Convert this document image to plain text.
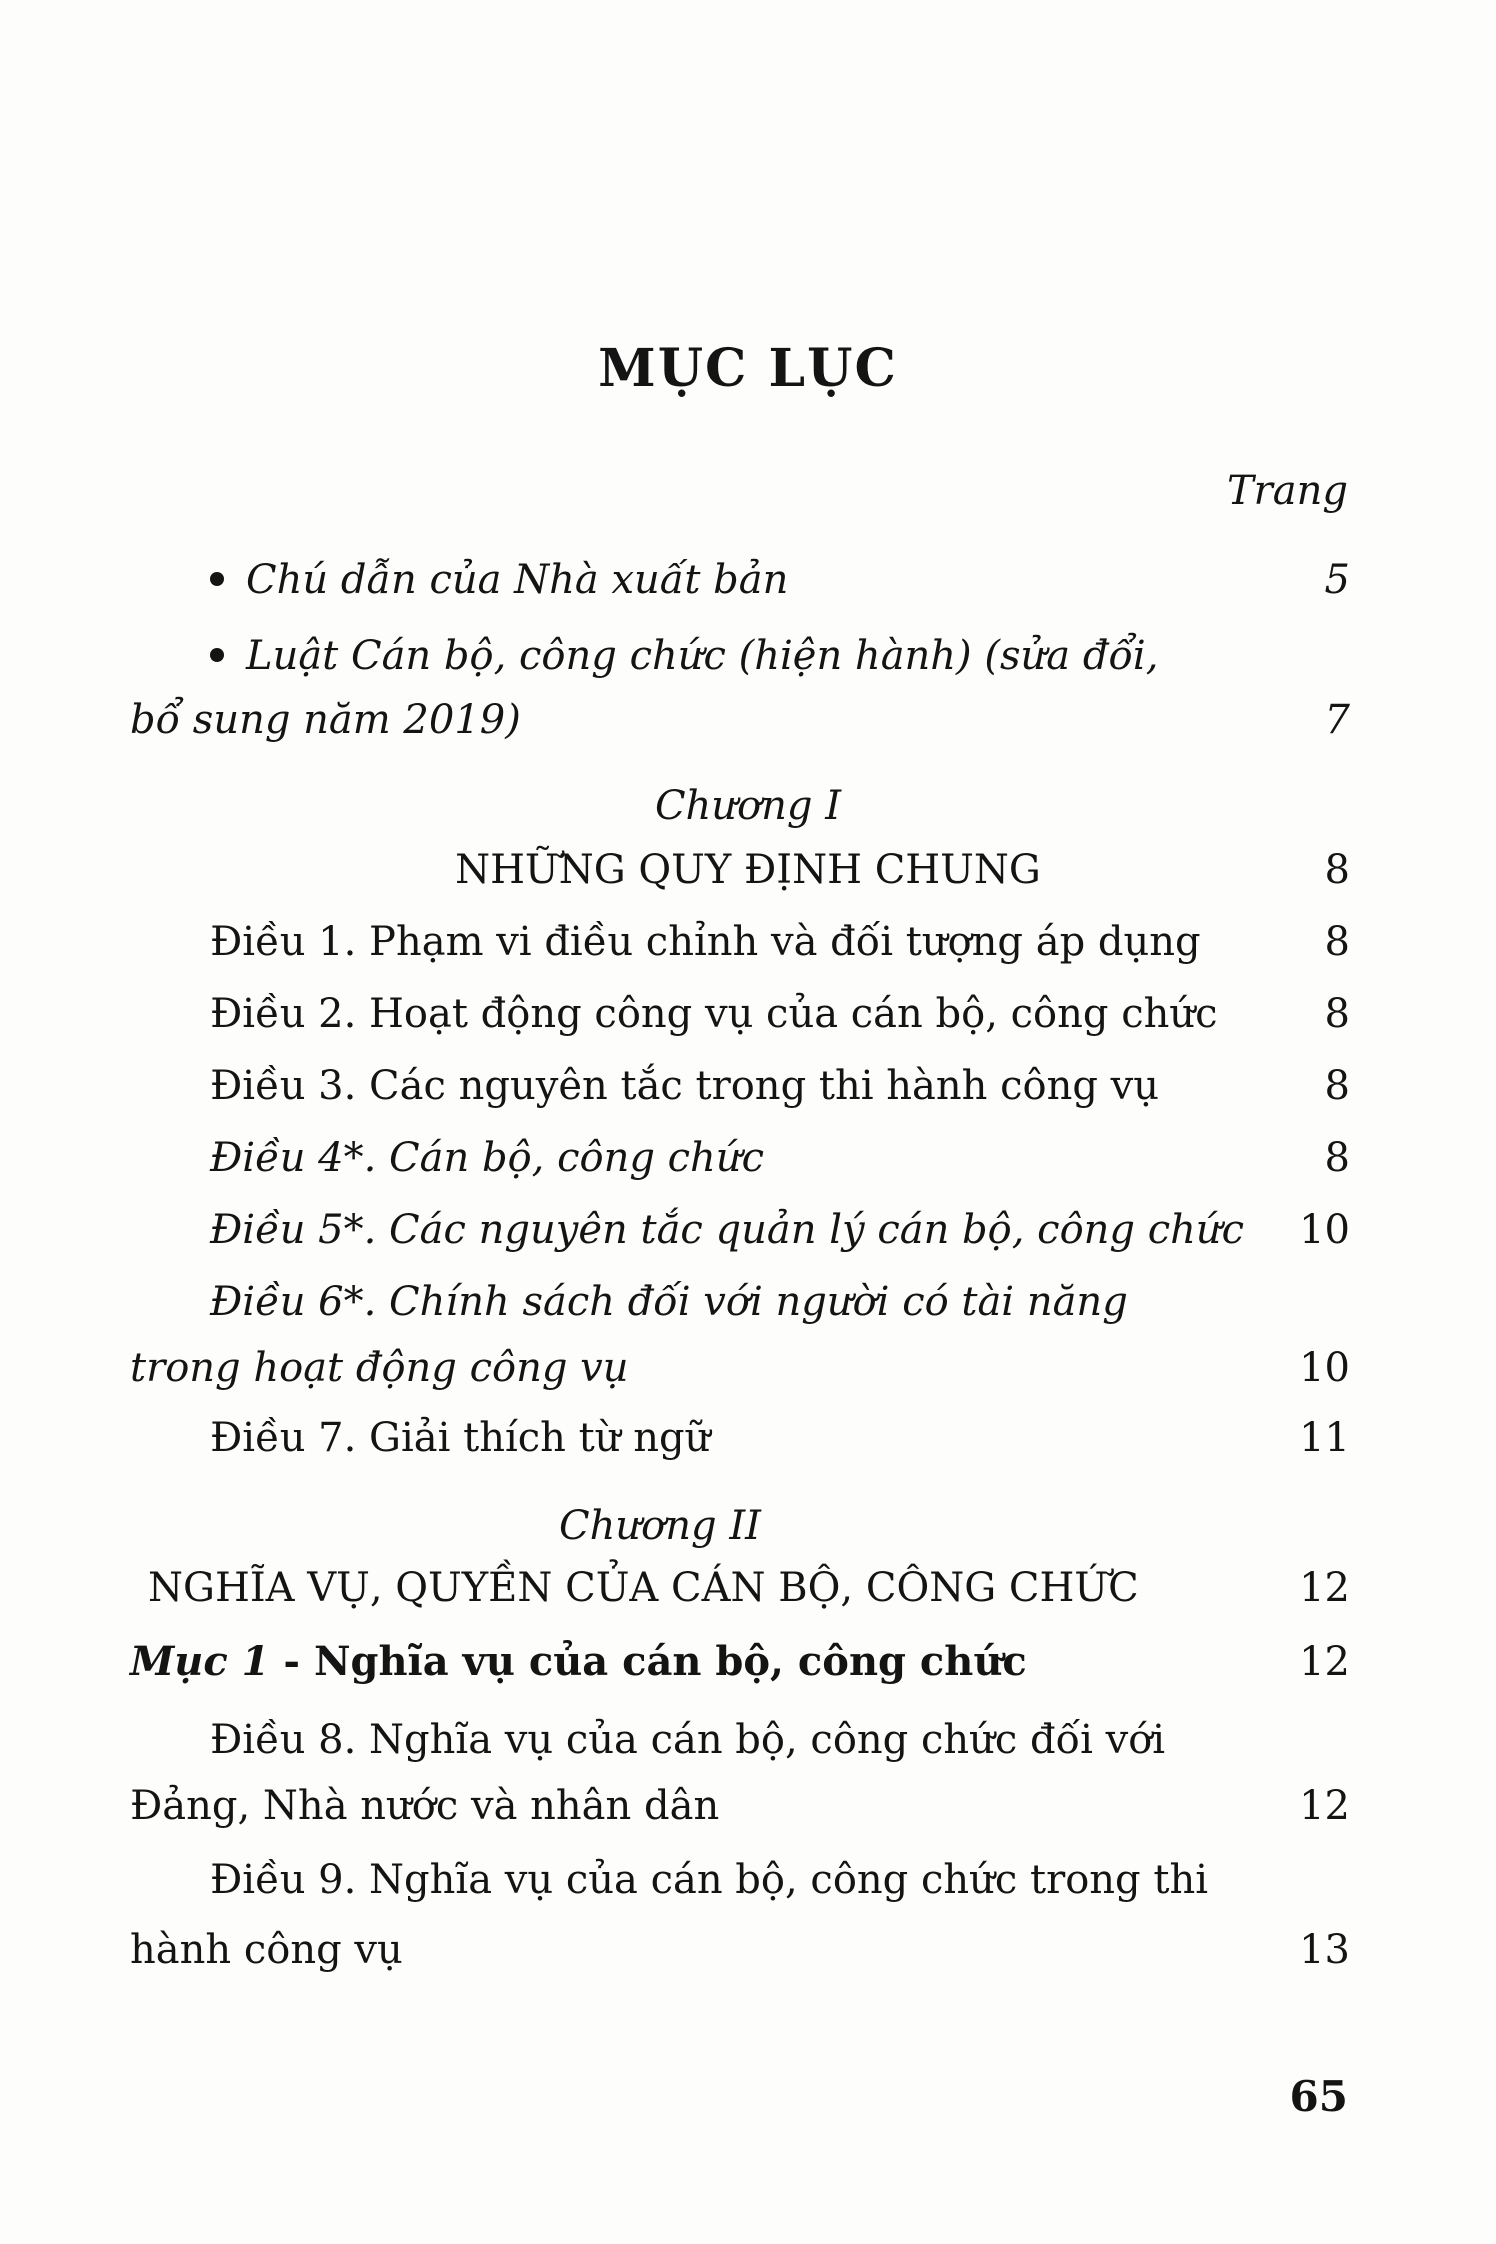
MỤC LỤC
Trang
Chú dẫn của Nhà xuất bản	5
Luật Cán bộ, công chức (hiện hành) (sửa đổi,
bổ sung năm 2019)	7
Chương I
NHỮNG QUY ĐỊNH CHUNG	8
Điều 1. Phạm vi điều chỉnh và đối tượng áp dụng	8
Điều 2. Hoạt động công vụ của cán bộ, công chức	8
Điều 3. Các nguyên tắc trong thi hành công vụ	8
Điều 4*. Cán bộ, công chức	8
Điều 5*. Các nguyên tắc quản lý cán bộ, công chức	10
Điều 6*. Chính sách đối với người có tài năng
trong hoạt động công vụ	10
Điều 7. Giải thích từ ngữ	11
Chương II
NGHĨA VỤ, QUYỀN CỦA CÁN BỘ, CÔNG CHỨC	12
Mục 1 - Nghĩa vụ của cán bộ, công chức	12
Điều 8. Nghĩa vụ của cán bộ, công chức đối với
Đảng, Nhà nước và nhân dân	12
Điều 9. Nghĩa vụ của cán bộ, công chức trong thi
hành công vụ	13
65
